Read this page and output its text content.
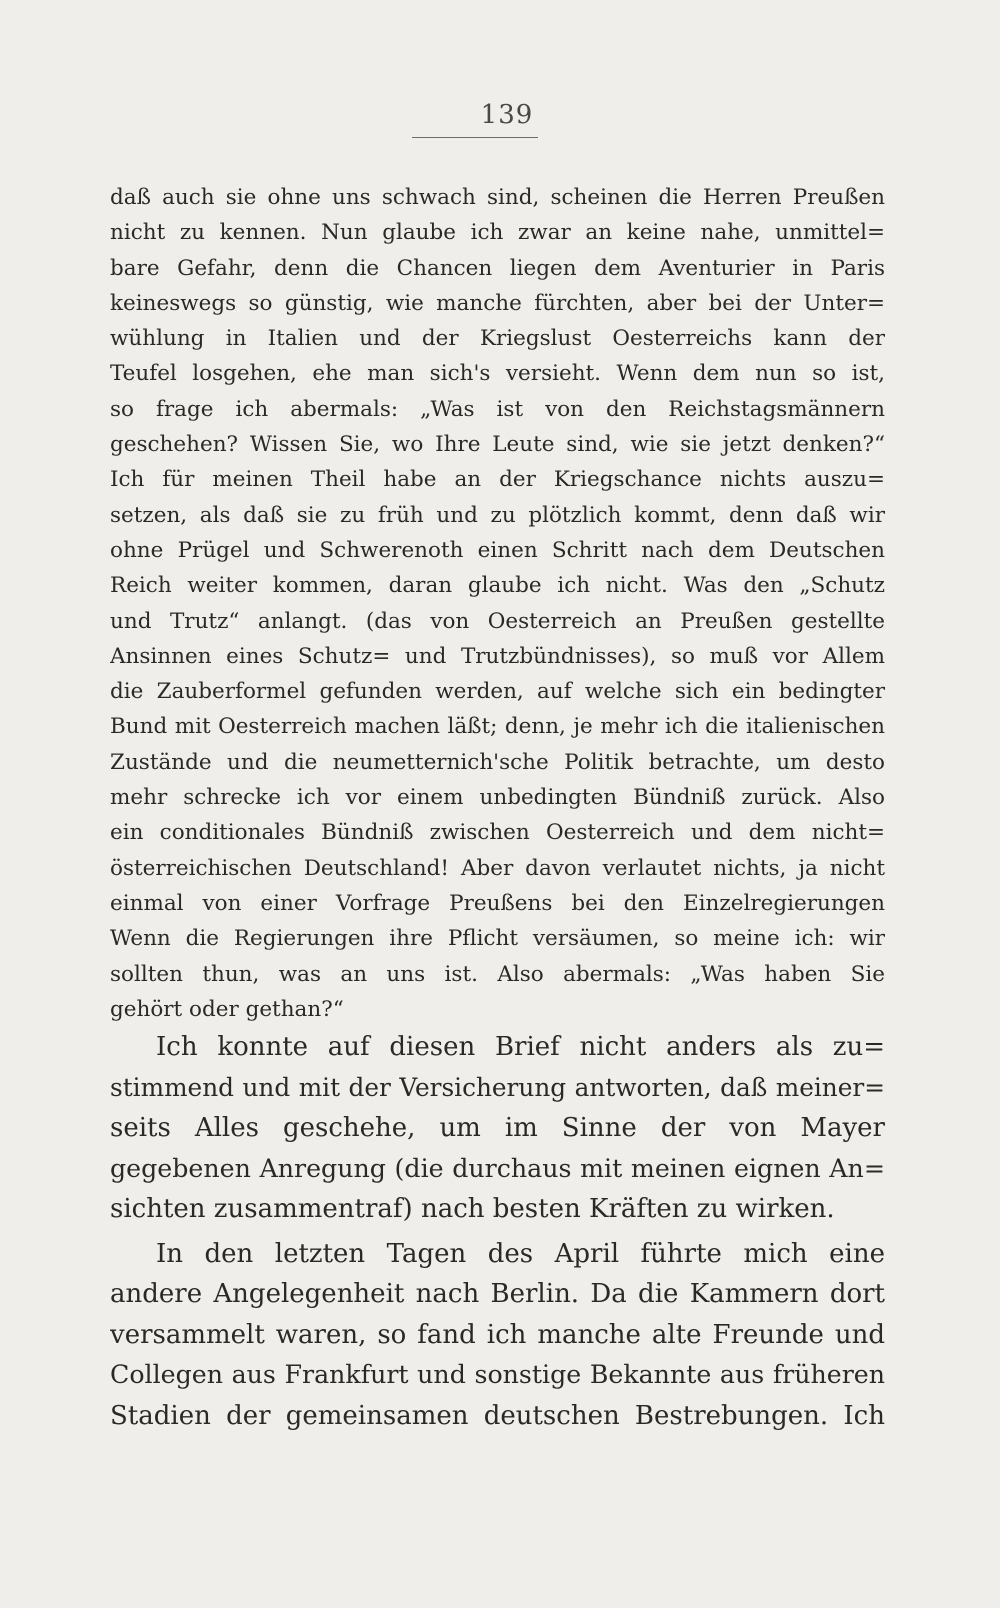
139
daß auch sie ohne uns schwach sind, scheinen die Herren Preußen
nicht zu kennen. Nun glaube ich zwar an keine nahe, unmittel=
bare Gefahr, denn die Chancen liegen dem Aventurier in Paris
keineswegs so günstig, wie manche fürchten, aber bei der Unter=
wühlung in Italien und der Kriegslust Oesterreichs kann der
Teufel losgehen, ehe man sich's versieht. Wenn dem nun so ist,
so frage ich abermals: „Was ist von den Reichstagsmännern
geschehen? Wissen Sie, wo Ihre Leute sind, wie sie jetzt denken?“
Ich für meinen Theil habe an der Kriegschance nichts auszu=
setzen, als daß sie zu früh und zu plötzlich kommt, denn daß wir
ohne Prügel und Schwerenoth einen Schritt nach dem Deutschen
Reich weiter kommen, daran glaube ich nicht. Was den „Schutz
und Trutz“ anlangt. (das von Oesterreich an Preußen gestellte
Ansinnen eines Schutz= und Trutzbündnisses), so muß vor Allem
die Zauberformel gefunden werden, auf welche sich ein bedingter
Bund mit Oesterreich machen läßt; denn, je mehr ich die italienischen
Zustände und die neumetternich'sche Politik betrachte, um desto
mehr schrecke ich vor einem unbedingten Bündniß zurück. Also
ein conditionales Bündniß zwischen Oesterreich und dem nicht=
österreichischen Deutschland! Aber davon verlautet nichts, ja nicht
einmal von einer Vorfrage Preußens bei den Einzelregierungen
Wenn die Regierungen ihre Pflicht versäumen, so meine ich: wir
sollten thun, was an uns ist. Also abermals: „Was haben Sie
gehört oder gethan?“
Ich konnte auf diesen Brief nicht anders als zu=
stimmend und mit der Versicherung antworten, daß meiner=
seits Alles geschehe, um im Sinne der von Mayer
gegebenen Anregung (die durchaus mit meinen eignen An=
sichten zusammentraf) nach besten Kräften zu wirken.
In den letzten Tagen des April führte mich eine
andere Angelegenheit nach Berlin. Da die Kammern dort
versammelt waren, so fand ich manche alte Freunde und
Collegen aus Frankfurt und sonstige Bekannte aus früheren
Stadien der gemeinsamen deutschen Bestrebungen. Ich
